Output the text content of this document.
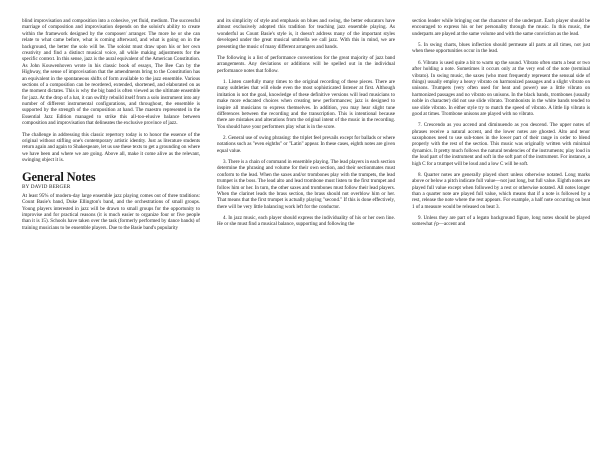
blind improvisation and composition into a cohesive, yet fluid, medium. The successful marriage of composition and improvisation depends on the soloist's ability to create within the framework designed by the composer/ arranger. The more he or she can relate to what came before, what is coming afterward, and what is going on in the background, the better the solo will be. The soloist must draw upon his or her own creativity and find a distinct musical voice, all while making adjustments for the specific context. In this sense, jazz is the aural equivalent of the American Constitution. As John Kouwenhoven wrote in his classic book of essays, The Bee Can by the Highway, the sense of improvisation that the amendments bring to the Constitution has an equivalent in the spontaneous shifts of form available to the jazz ensemble. Various sections of a composition can be reordered, extended, shortened, and elaborated on as the moment dictates. This is why the big band is often viewed as the ultimate ensemble for jazz. At the drop of a hat, it can swiftly rebuild itself from a solo instrument into any number of different instrumental configurations, and throughout, the ensemble is supported by the strength of the composition at hand. The maestro represented in the Essential Jazz Edition managed to strike this all-too-elusive balance between composition and improvisation that delineates the exclusive province of jazz.

The challenge in addressing this classic repertory today is to honor the essence of the original without stifling one's contemporary artistic identity. Just as literature students return again and again to Shakespeare, let us use these texts to get a grounding on where we have been and where we are going. Above all, make it come alive as the relevant, swinging object it is.

General Notes
BY DAVID BERGER

At least 95% of modern-day large ensemble jazz playing comes out of three traditions: Count Basie's band, Duke Ellington's band, and the orchestrations of small groups. Young players interested in jazz will be drawn to small groups for the opportunity to improvise and for practical reasons (it is much easier to organize four or five people than it is 15). Schools have taken over the task (formerly performed by dance bands) of training musicians to be ensemble players. Due to the Basie band's popularity

and its simplicity of style and emphasis on blues and swing, the better educators have almost exclusively adopted this tradition for teaching jazz ensemble playing. As wonderful as Count Basie's style is, it doesn't address many of the important styles developed under the great musical umbrella we call jazz. With this in mind, we are presenting the music of many different arrangers and bands.

The following is a list of performance conventions for the great majority of jazz band arrangements. Any deviations or additions will be spelled out in the individual performance notes that follow.

1. Listen carefully many times to the original recording of these pieces. There are many subtleties that will elude even the most sophisticated listener at first. Although imitation is not the goal, knowledge of these definitive versions will lead musicians to make more educated choices when creating new performances; jazz is designed to inspire all musicians to express themselves. In addition, you may hear slight tune differences between the recording and the transcription. This is intentional because there are mistakes and alterations from the original intent of the music in the recording. You should have your performers play what is in the score.

2. General use of swing phrasing: the triplet feel prevails except for ballads or where notations such as "even eighths" or "Latin" appear. In these cases, eighth notes are given equal value.

3. There is a chain of command in ensemble playing. The lead players in each section determine the phrasing and volume for their own section, and their sectionmates must conform to the lead. When the saxes and/or trombones play with the trumpets, the lead trumpet is the boss. The lead alto and lead trombone must listen to the first trumpet and follow him or her. In turn, the other saxes and trombones must follow their lead players. When the clarinet leads the brass section, the brass should not overblow him or her. That means that the first trumpet is actually playing "second." If this is done effectively, there will be very little balancing work left for the conductor.

4. In jazz music, each player should express the individuality of his or her own line. He or she must find a musical balance, supporting and following the

section leader while bringing out the character of the underpart. Each player should be encouraged to express his or her personality through the music. In this music, the underparts are played at the same volume and with the same conviction as the lead.

5. In swing charts, blues inflection should permeate all parts at all times, not just when these opportunities occur in the lead.

6. Vibrato is used quite a bit to warm up the sound. Vibrato often starts a beat or two after holding a note. Sometimes it occurs only at the very end of the note (terminal vibrato). In swing music, the saxes (who most frequently represent the sensual side of things) usually employ a heavy vibrato on harmonized passages and a slight vibrato on unisons. Trumpets (very often used for heat and power) use a little vibrato on harmonized passages and no vibrato on unisons. In the black bands, trombones (usually noble in character) did not use slide vibrato. Trombonists in the white bands tended to use slide vibrato. In either style try to match the speed of vibrato. A little lip vibrato is good at times. Trombone unisons are played with no vibrato.

7. Crescendo as you accend and diminuendo as you descend. The upper notes of phrases receive a natural accent, and the lower notes are ghosted. Alto and tenor saxophones need to use sub-tones in the lower part of their range in order to blend properly with the rest of the section. This music was originally written with minimal dynamics. It pretty much follows the natural tendencies of the instruments; play loud in the loud part of the instrument and soft in the soft part of the instrument. For instance, a high C for a trumpet will be loud and a low C will be soft.

8. Quarter notes are generally played short unless otherwise notated. Long marks above or below a pitch indicate full value—not just long, but full value. Eighth notes are played full value except when followed by a rest or otherwise notated. All notes longer than a quarter note are played full value, which means that if a note is followed by a rest, release the note where the rest appears. For example, a half note occurring on beat 1 of a measure would be released on beat 3.

9. Unless they are part of a legato background figure, long notes should be played somewhat ƒp—accent and
